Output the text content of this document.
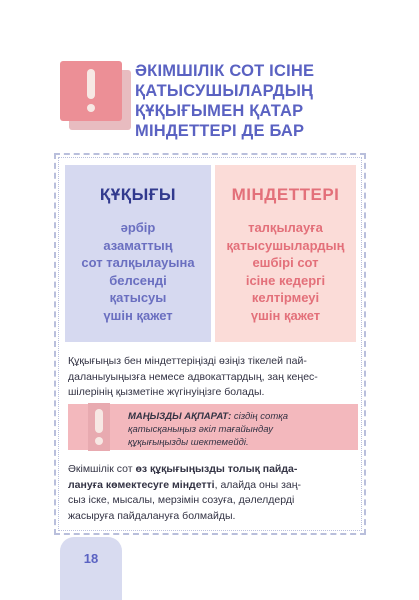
ӘКІМШІЛІК СОТ ІСІНЕ
ҚАТЫСУШЫЛАРДЫҢ
ҚҰҚЫҒЫМЕН ҚАТАР
МІНДЕТТЕРІ ДЕ БАР
ҚҰҚЫҒЫ
әрбір
азаматтың
сот талқылауына
белсенді
қатысуы
үшін қажет
МІНДЕТТЕРІ
талқылауға
қатысушылардың
ешбірі сот
ісіне кедергі
келтірмеуі
үшін қажет
Құқығыңыз бен міндеттеріңізді өзіңіз тікелей пай-
даланыуыңызға немесе адвокаттардың, заң кеңес-
шілерінің қызметіне жүгінуіңізге болады.
МАҢЫЗДЫ АҚПАРАТ: сіздің сотқа
қатысқаныңыз әкіл тағайындау
құқығыңызды шектемейді.
Әкімшілік сот өз құқығыңызды толық пайда-
лануға көмектесуге міндетті, алайда оны заң-
сыз іске, мысалы, мерзімін созуға, дәлелдерді
жасыруға пайдалануға болмайды.
18
